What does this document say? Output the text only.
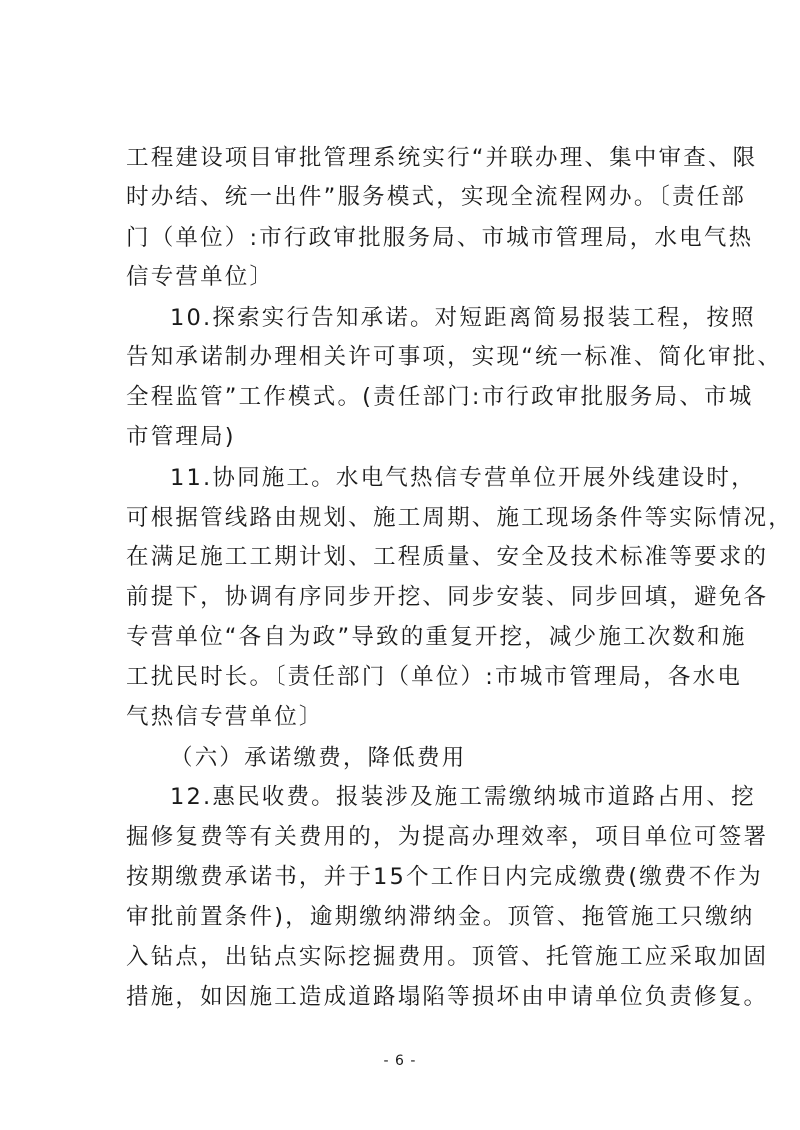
工程建设项目审批管理系统实行“并联办理、集中审查、限
时办结、统一出件”服务模式，实现全流程网办。〔责任部
门（单位）:市行政审批服务局、市城市管理局，水电气热
信专营单位〕
10.探索实行告知承诺。对短距离简易报装工程，按照
告知承诺制办理相关许可事项，实现“统一标准、简化审批、
全程监管”工作模式。(责任部门:市行政审批服务局、市城
市管理局)
11.协同施工。水电气热信专营单位开展外线建设时，
可根据管线路由规划、施工周期、施工现场条件等实际情况，
在满足施工工期计划、工程质量、安全及技术标准等要求的
前提下，协调有序同步开挖、同步安装、同步回填，避免各
专营单位“各自为政”导致的重复开挖，减少施工次数和施
工扰民时长。〔责任部门（单位）:市城市管理局，各水电
气热信专营单位〕
（六）承诺缴费，降低费用
12.惠民收费。报装涉及施工需缴纳城市道路占用、挖
掘修复费等有关费用的，为提高办理效率，项目单位可签署
按期缴费承诺书，并于15个工作日内完成缴费(缴费不作为
审批前置条件)，逾期缴纳滞纳金。顶管、拖管施工只缴纳
入钻点，出钻点实际挖掘费用。顶管、托管施工应采取加固
措施，如因施工造成道路塌陷等损坏由申请单位负责修复。
- 6 -
